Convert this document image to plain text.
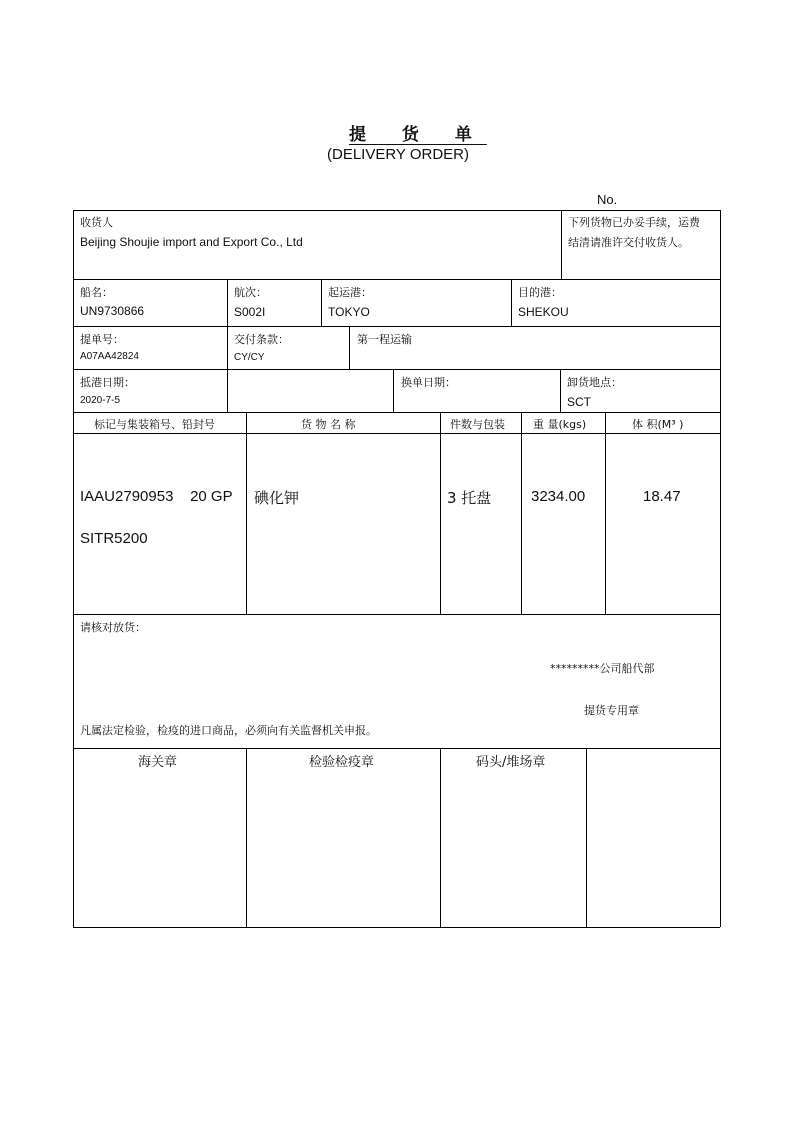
提 货 单
(DELIVERY ORDER)
No.
收货人
Beijing Shoujie import and Export Co., Ltd
下列货物已办妥手续，运费
结清请准许交付收货人。
船名：
UN9730866
航次：
S002I
起运港：
TOKYO
目的港：
SHEKOU
提单号：
A07AA42824
交付条款：
CY/CY
第一程运输
抵港日期：
2020-7-5
换单日期：	卸货地点：
SCT
标记与集装箱号、铅封号	货 物 名 称	件数与包装	重 量(kgs)	体 积(M³ )
IAAU2790953    20 GP
SITR5200
碘化钾	3 托盘	3234.00	18.47
请核对放货：
*********公司船代部
提货专用章
凡属法定检验，检疫的进口商品，必须向有关监督机关申报。
海关章	检验检疫章	码头/堆场章
